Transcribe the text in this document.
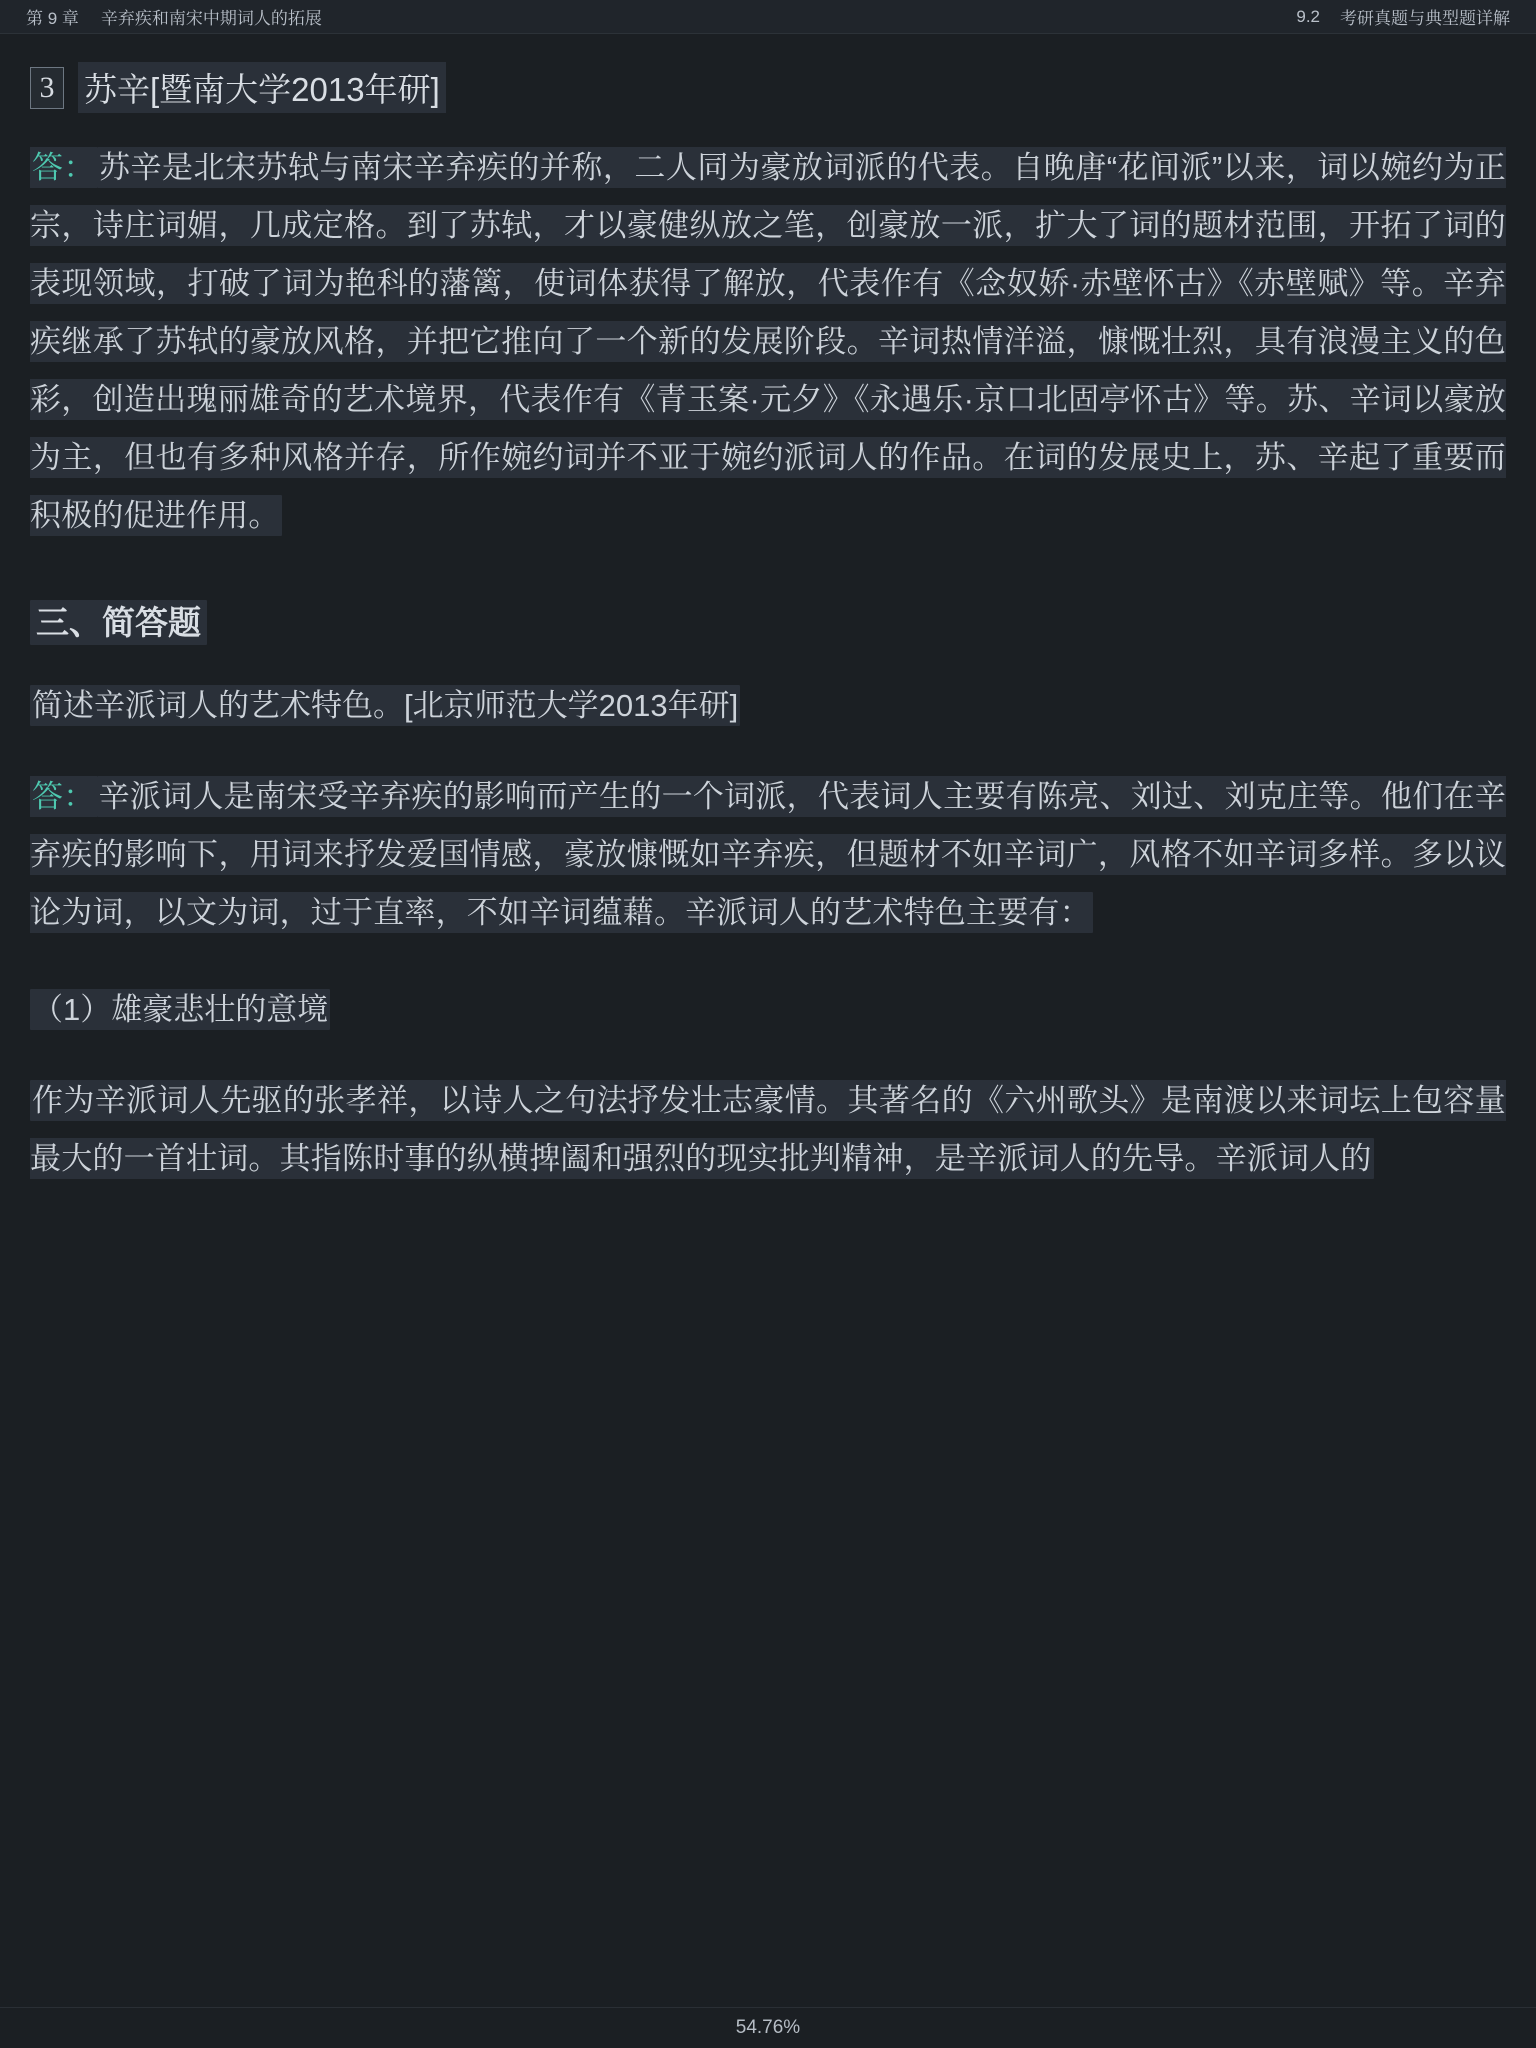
第 9 章 辛弃疾和南宋中期词人的拓展	9.2 考研真题与典型题详解
3 苏辛[暨南大学2013年研]

答： 苏辛是北宋苏轼与南宋辛弃疾的并称，二人同为豪放词派的代表。自晚唐“花间派”以来，词以婉约为正宗，诗庄词媚，几成定格。到了苏轼，才以豪健纵放之笔，创豪放一派，扩大了词的题材范围，开拓了词的表现领域，打破了词为艳科的藩篱，使词体获得了解放，代表作有《念奴娇·赤壁怀古》《赤壁赋》等。辛弃疾继承了苏轼的豪放风格，并把它推向了一个新的发展阶段。辛词热情洋溢，慷慨壮烈，具有浪漫主义的色彩，创造出瑰丽雄奇的艺术境界，代表作有《青玉案·元夕》《永遇乐·京口北固亭怀古》等。苏、辛词以豪放为主，但也有多种风格并存，所作婉约词并不亚于婉约派词人的作品。在词的发展史上，苏、辛起了重要而积极的促进作用。

三、简答题

简述辛派词人的艺术特色。[北京师范大学2013年研]

答： 辛派词人是南宋受辛弃疾的影响而产生的一个词派，代表词人主要有陈亮、刘过、刘克庄等。他们在辛弃疾的影响下，用词来抒发爱国情感，豪放慷慨如辛弃疾，但题材不如辛词广，风格不如辛词多样。多以议论为词，以文为词，过于直率，不如辛词蕴藉。辛派词人的艺术特色主要有：

（1）雄豪悲壮的意境

作为辛派词人先驱的张孝祥，以诗人之句法抒发壮志豪情。其著名的《六州歌头》是南渡以来词坛上包容量最大的一首壮词。其指陈时事的纵横捭阖和强烈的现实批判精神，是辛派词人的先导。辛派词人的

54.76%
